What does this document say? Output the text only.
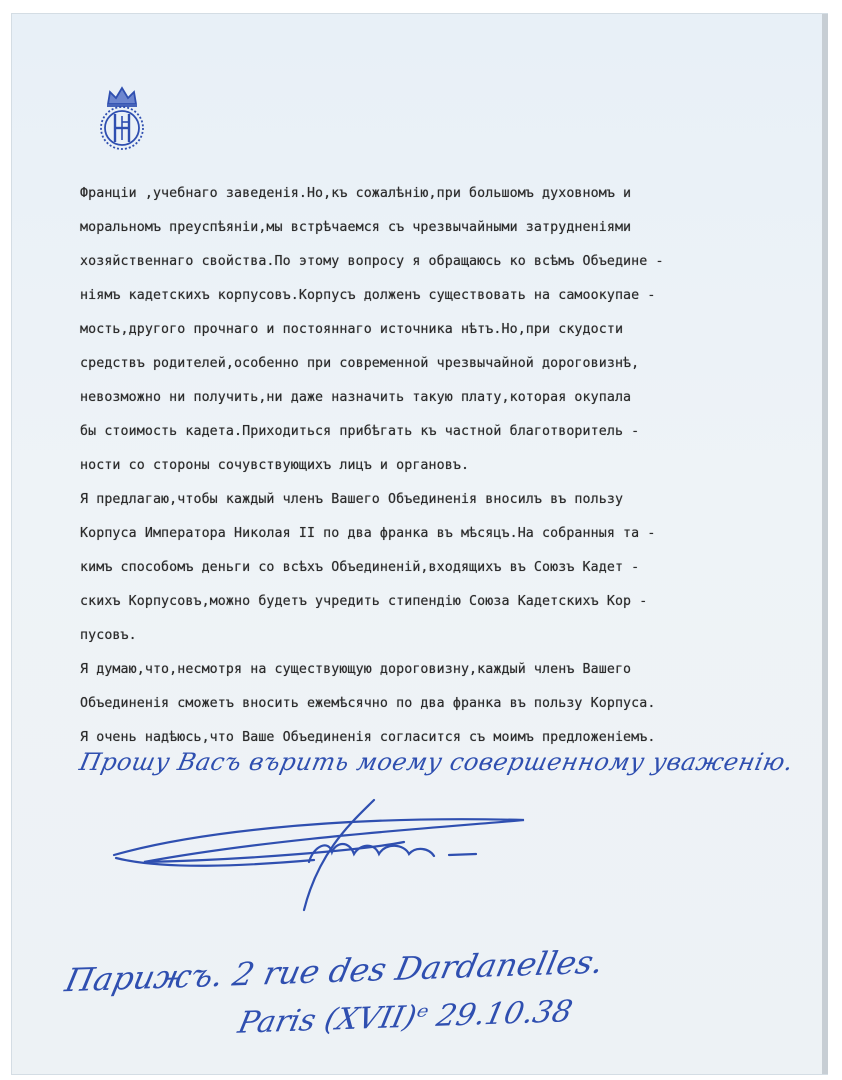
Франціи ,учебнаго заведенія.Но,къ сожалѣнію,при большомъ духовномъ и
моральномъ преуспѣяніи,мы встрѣчаемся съ чрезвычайными затрудненіями
хозяйственнаго свойства.По этому вопросу я обращаюсь ко всѣмъ Объедине -
ніямъ кадетскихъ корпусовъ.Корпусъ долженъ существовать на самоокупае -
мость,другого прочнаго и постояннаго источника нѣтъ.Но,при скудости
средствъ родителей,особенно при современной чрезвычайной дороговизнѣ,
невозможно ни получить,ни даже назначить такую плату,которая окупала
бы стоимость кадета.Приходиться прибѣгать къ частной благотворитель -
ности со стороны сочувствующихъ лицъ и органовъ.
Я предлагаю,чтобы каждый членъ Вашего Объединенія вносилъ въ пользу
Корпуса Императора Николая II по два франка въ мѣсяцъ.На собранныя та -
кимъ способомъ деньги со всѣхъ Объединеній,входящихъ въ Союзъ Кадет -
скихъ Корпусовъ,можно будетъ учредить стипендію Союза Кадетскихъ Кор -
пусовъ.
Я думаю,что,несмотря на существующую дороговизну,каждый членъ Вашего
Объединенія сможетъ вносить ежемѣсячно по два франка въ пользу Корпуса.
Я очень надѣюсь,что Ваше Объединенія согласится съ моимъ предложеніемъ.
Прошу Васъ върить моему совершенному уваженію.
Парижъ. 2 rue des Dardanelles.
Paris (XVII)ᵉ 29.10.38
